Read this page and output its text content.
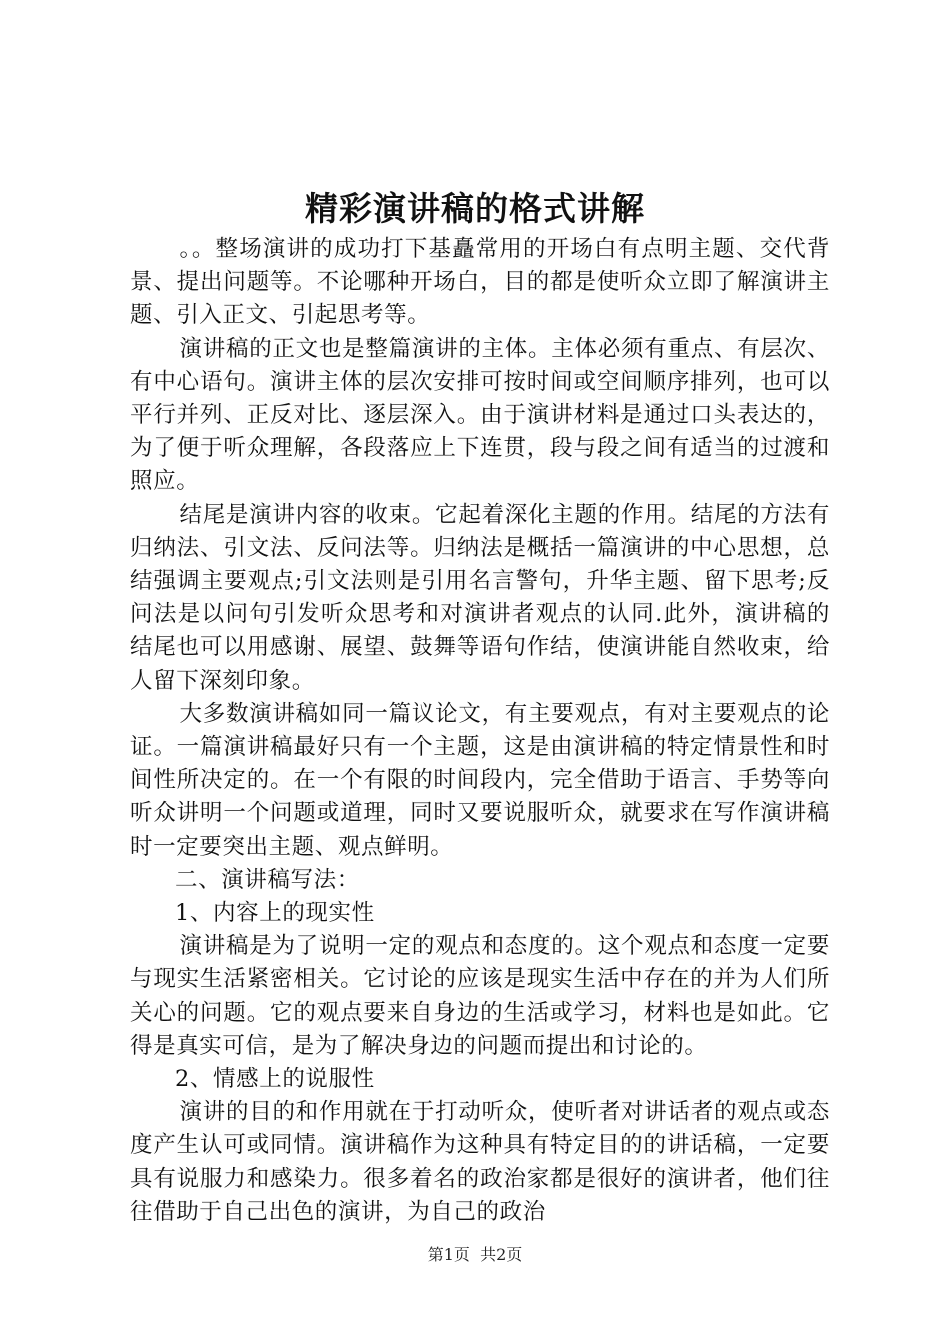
精彩演讲稿的格式讲解

。。整场演讲的成功打下基矗常用的开场白有点明主题、交代背景、提出问题等。不论哪种开场白，目的都是使听众立即了解演讲主题、引入正文、引起思考等。

演讲稿的正文也是整篇演讲的主体。主体必须有重点、有层次、有中心语句。演讲主体的层次安排可按时间或空间顺序排列，也可以平行并列、正反对比、逐层深入。由于演讲材料是通过口头表达的，为了便于听众理解，各段落应上下连贯，段与段之间有适当的过渡和照应。

结尾是演讲内容的收束。它起着深化主题的作用。结尾的方法有归纳法、引文法、反问法等。归纳法是概括一篇演讲的中心思想，总结强调主要观点;引文法则是引用名言警句，升华主题、留下思考;反问法是以问句引发听众思考和对演讲者观点的认同.此外，演讲稿的结尾也可以用感谢、展望、鼓舞等语句作结，使演讲能自然收束，给人留下深刻印象。

大多数演讲稿如同一篇议论文，有主要观点，有对主要观点的论证。一篇演讲稿最好只有一个主题，这是由演讲稿的特定情景性和时间性所决定的。在一个有限的时间段内，完全借助于语言、手势等向听众讲明一个问题或道理，同时又要说服听众，就要求在写作演讲稿时一定要突出主题、观点鲜明。

二、演讲稿写法：

1、内容上的现实性

演讲稿是为了说明一定的观点和态度的。这个观点和态度一定要与现实生活紧密相关。它讨论的应该是现实生活中存在的并为人们所关心的问题。它的观点要来自身边的生活或学习，材料也是如此。它得是真实可信，是为了解决身边的问题而提出和讨论的。

2、情感上的说服性

演讲的目的和作用就在于打动听众，使听者对讲话者的观点或态度产生认可或同情。演讲稿作为这种具有特定目的的讲话稿，一定要具有说服力和感染力。很多着名的政治家都是很好的演讲者，他们往往借助于自己出色的演讲，为自己的政治

第1页 共2页
